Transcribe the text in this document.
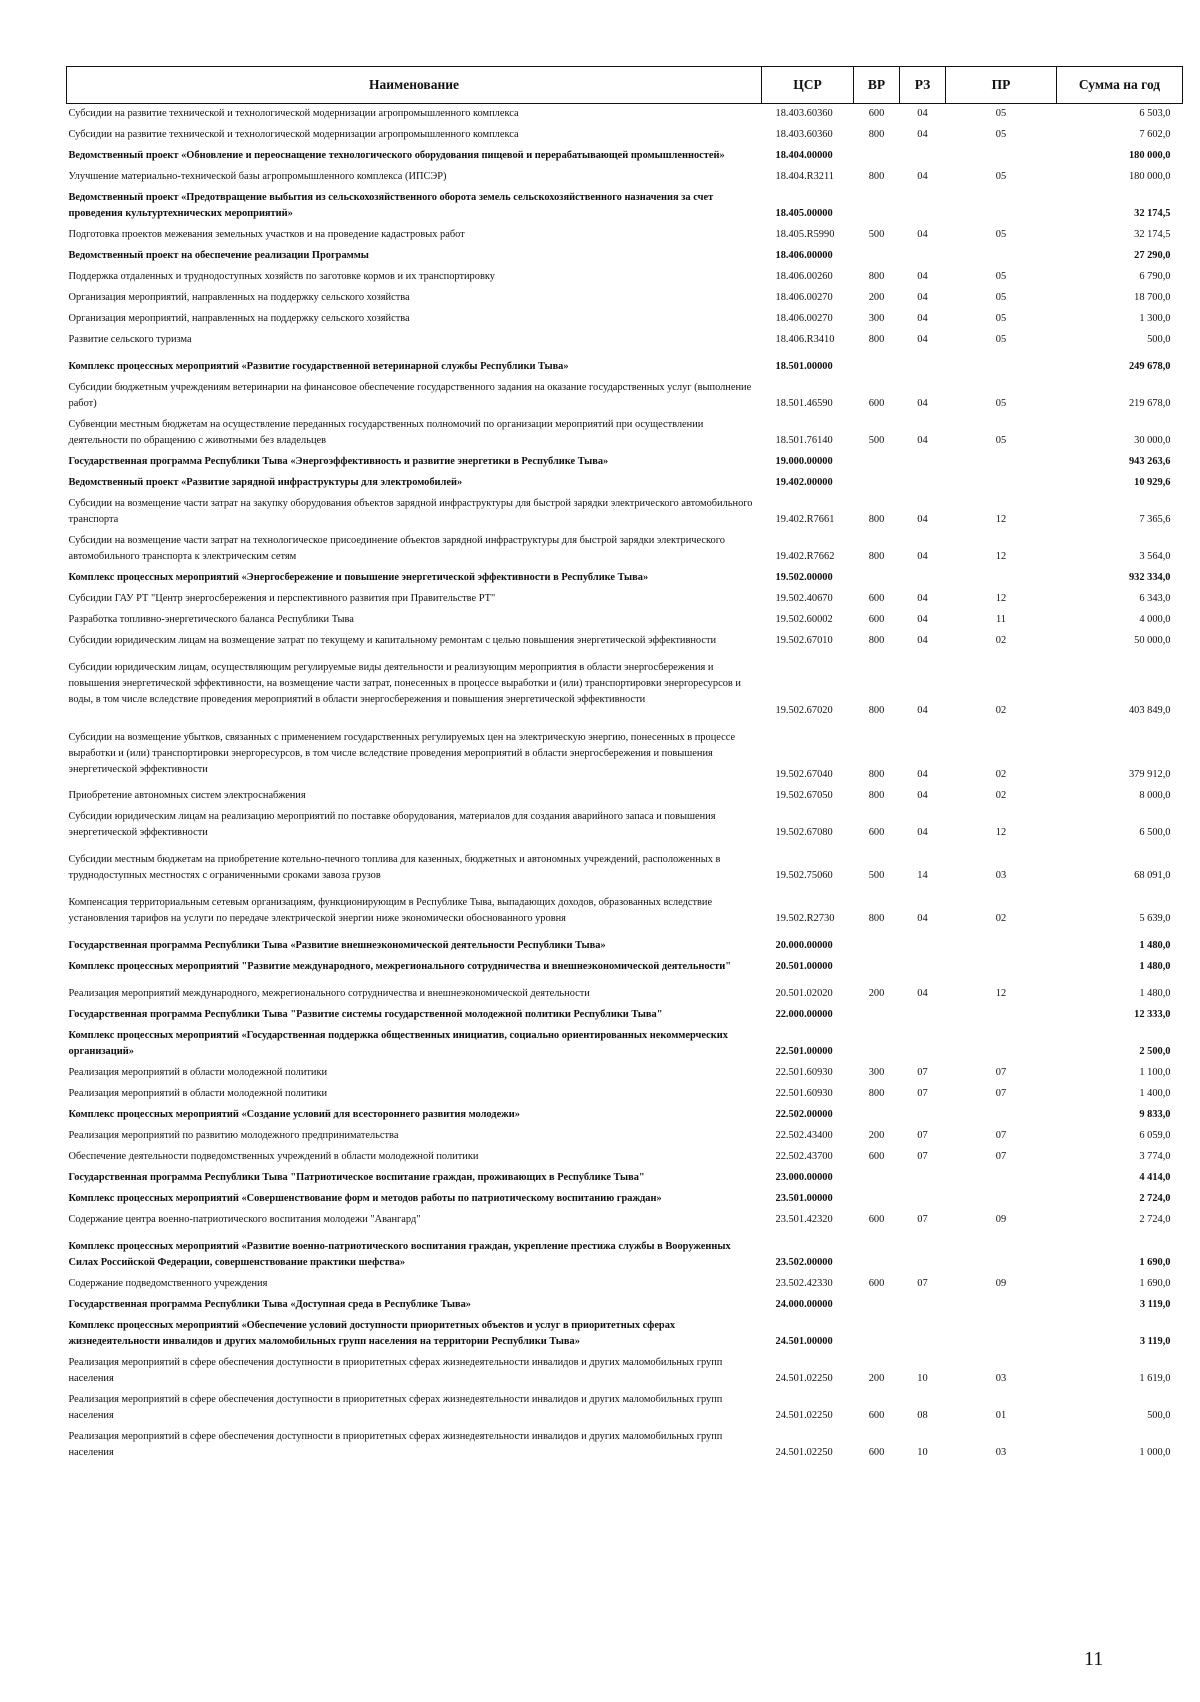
Наименование	ЦСР	ВР	РЗ	ПР	Сумма на год
Субсидии на развитие технической и технологической модернизации агропромышленного комплекса	18.403.60360	600	04	05	6 503,0
Субсидии на развитие технической и технологической модернизации агропромышленного комплекса	18.403.60360	800	04	05	7 602,0
Ведомственный проект «Обновление и переоснащение технологического оборудования пищевой и перерабатывающей промышленностей»	18.404.00000				180 000,0
Улучшение материально-технической базы агропромышленного комплекса (ИПСЭР)	18.404.R3211	800	04	05	180 000,0
Ведомственный проект «Предотвращение выбытия из сельскохозяйственного оборота земель сельскохозяйственного назначения за счет проведения культуртехнических мероприятий»	18.405.00000				32 174,5
Подготовка проектов межевания земельных участков и на проведение кадастровых работ	18.405.R5990	500	04	05	32 174,5
Ведомственный проект на обеспечение реализации Программы	18.406.00000				27 290,0
Поддержка отдаленных и труднодоступных хозяйств по заготовке кормов и их транспортировку	18.406.00260	800	04	05	6 790,0
Организация мероприятий, направленных на поддержку сельского хозяйства	18.406.00270	200	04	05	18 700,0
Организация мероприятий, направленных на поддержку сельского хозяйства	18.406.00270	300	04	05	1 300,0
Развитие сельского туризма	18.406.R3410	800	04	05	500,0
Комплекс процессных мероприятий «Развитие государственной ветеринарной службы Республики Тыва»	18.501.00000				249 678,0
Субсидии бюджетным учреждениям ветеринарии на финансовое обеспечение государственного задания на оказание государственных услуг (выполнение работ)	18.501.46590	600	04	05	219 678,0
Субвенции местным бюджетам на осуществление переданных государственных полномочий по организации мероприятий при осуществлении деятельности по обращению с животными без владельцев	18.501.76140	500	04	05	30 000,0
Государственная программа Республики Тыва «Энергоэффективность и развитие энергетики в Республике Тыва»	19.000.00000				943 263,6
Ведомственный проект «Развитие зарядной инфраструктуры для электромобилей»	19.402.00000				10 929,6
Субсидии на возмещение части затрат на закупку оборудования объектов зарядной инфраструктуры для быстрой зарядки электрического автомобильного транспорта	19.402.R7661	800	04	12	7 365,6
Субсидии на возмещение части затрат на технологическое присоединение объектов зарядной инфраструктуры для быстрой зарядки электрического автомобильного транспорта к электрическим сетям	19.402.R7662	800	04	12	3 564,0
Комплекс процессных мероприятий «Энергосбережение и повышение энергетической эффективности в Республике Тыва»	19.502.00000				932 334,0
Субсидии ГАУ РТ "Центр энергосбережения и перспективного развития при Правительстве РТ"	19.502.40670	600	04	12	6 343,0
Разработка топливно-энергетического баланса Республики Тыва	19.502.60002	600	04	11	4 000,0
Субсидии юридическим лицам на возмещение затрат по текущему и капитальному ремонтам с целью повышения энергетической эффективности	19.502.67010	800	04	02	50 000,0
Субсидии юридическим лицам, осуществляющим регулируемые виды деятельности и реализующим мероприятия в области энергосбережения и повышения энергетической эффективности, на возмещение части затрат, понесенных в процессе выработки и (или) транспортировки энергоресурсов и воды, в том числе вследствие проведения мероприятий в области энергосбережения и повышения энергетической эффективности	19.502.67020	800	04	02	403 849,0
Субсидии на возмещение убытков, связанных с применением государственных регулируемых цен на электрическую энергию, понесенных в процессе выработки и (или) транспортировки энергоресурсов, в том числе вследствие проведения мероприятий в области энергосбережения и повышения энергетической эффективности	19.502.67040	800	04	02	379 912,0
Приобретение автономных систем электроснабжения	19.502.67050	800	04	02	8 000,0
Субсидии юридическим лицам на реализацию мероприятий по поставке оборудования, материалов для создания аварийного запаса и повышения энергетической эффективности	19.502.67080	600	04	12	6 500,0
Субсидии местным бюджетам на приобретение котельно-печного топлива для казенных, бюджетных и автономных учреждений, расположенных в труднодоступных местностях с ограниченными сроками завоза грузов	19.502.75060	500	14	03	68 091,0
Компенсация территориальным сетевым организациям, функционирующим в Республике Тыва, выпадающих доходов, образованных вследствие установления тарифов на услуги по передаче электрической энергии ниже экономически обоснованного уровня	19.502.R2730	800	04	02	5 639,0
Государственная программа Республики Тыва «Развитие внешнеэкономической деятельности Республики Тыва»	20.000.00000				1 480,0
Комплекс процессных мероприятий "Развитие международного, межрегионального сотрудничества и внешнеэкономической деятельности"	20.501.00000				1 480,0
Реализация мероприятий международного, межрегионального сотрудничества и внешнеэкономической деятельности	20.501.02020	200	04	12	1 480,0
Государственная программа Республики Тыва "Развитие системы государственной молодежной политики Республики Тыва"	22.000.00000				12 333,0
Комплекс процессных мероприятий «Государственная поддержка общественных инициатив, социально ориентированных некоммерческих организаций»	22.501.00000				2 500,0
Реализация мероприятий в области молодежной политики	22.501.60930	300	07	07	1 100,0
Реализация мероприятий в области молодежной политики	22.501.60930	800	07	07	1 400,0
Комплекс процессных мероприятий «Создание условий для всестороннего развития молодежи»	22.502.00000				9 833,0
Реализация мероприятий по развитию молодежного предпринимательства	22.502.43400	200	07	07	6 059,0
Обеспечение деятельности подведомственных учреждений в области молодежной политики	22.502.43700	600	07	07	3 774,0
Государственная программа Республики Тыва "Патриотическое воспитание граждан, проживающих в Республике Тыва"	23.000.00000				4 414,0
Комплекс процессных мероприятий «Совершенствование форм и методов работы по патриотическому воспитанию граждан»	23.501.00000				2 724,0
Содержание центра военно-патриотического воспитания молодежи "Авангард"	23.501.42320	600	07	09	2 724,0
Комплекс процессных мероприятий «Развитие военно-патриотического воспитания граждан, укрепление престижа службы в Вооруженных Силах Российской Федерации, совершенствование практики шефства»	23.502.00000				1 690,0
Содержание подведомственного учреждения	23.502.42330	600	07	09	1 690,0
Государственная программа Республики Тыва «Доступная среда в Республике Тыва»	24.000.00000				3 119,0
Комплекс процессных мероприятий «Обеспечение условий доступности приоритетных объектов и услуг в приоритетных сферах жизнедеятельности инвалидов и других маломобильных групп населения на территории Республики Тыва»	24.501.00000				3 119,0
Реализация мероприятий в сфере обеспечения доступности в приоритетных сферах жизнедеятельности инвалидов и других маломобильных групп населения	24.501.02250	200	10	03	1 619,0
Реализация мероприятий в сфере обеспечения доступности в приоритетных сферах жизнедеятельности инвалидов и других маломобильных групп населения	24.501.02250	600	08	01	500,0
Реализация мероприятий в сфере обеспечения доступности в приоритетных сферах жизнедеятельности инвалидов и других маломобильных групп населения	24.501.02250	600	10	03	1 000,0
11
